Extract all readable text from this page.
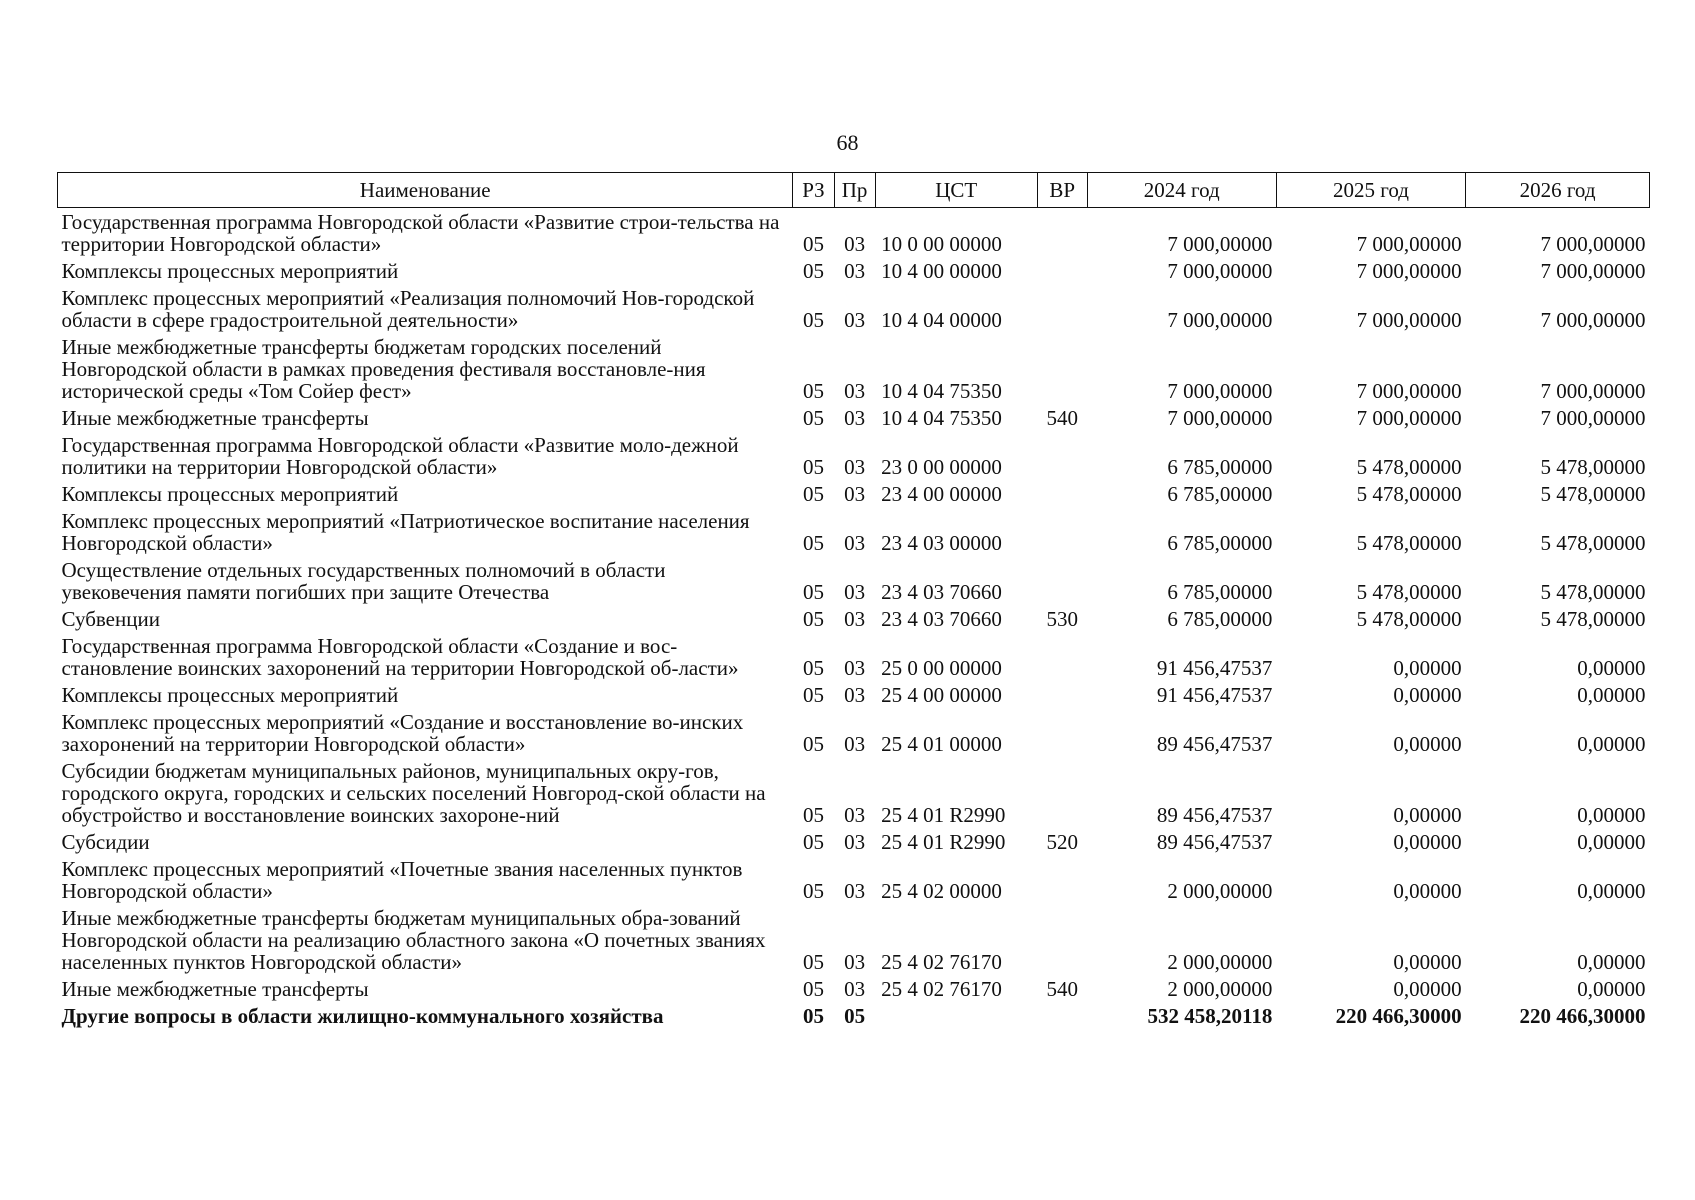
68
Наименование	РЗ	Пр	ЦСТ	ВР	2024 год	2025 год	2026 год
Государственная программа Новгородской области «Развитие строи-тельства на территории Новгородской области»	05	03	10 0 00 00000		7 000,00000	7 000,00000	7 000,00000
Комплексы процессных мероприятий	05	03	10 4 00 00000		7 000,00000	7 000,00000	7 000,00000
Комплекс процессных мероприятий «Реализация полномочий Нов-городской области в сфере градостроительной деятельности»	05	03	10 4 04 00000		7 000,00000	7 000,00000	7 000,00000
Иные межбюджетные трансферты бюджетам городских поселений Новгородской области в рамках проведения фестиваля восстановле-ния исторической среды «Том Сойер фест»	05	03	10 4 04 75350		7 000,00000	7 000,00000	7 000,00000
Иные межбюджетные трансферты	05	03	10 4 04 75350	540	7 000,00000	7 000,00000	7 000,00000
Государственная программа Новгородской области «Развитие моло-дежной политики на территории Новгородской области»	05	03	23 0 00 00000		6 785,00000	5 478,00000	5 478,00000
Комплексы процессных мероприятий	05	03	23 4 00 00000		6 785,00000	5 478,00000	5 478,00000
Комплекс процессных мероприятий «Патриотическое воспитание населения Новгородской области»	05	03	23 4 03 00000		6 785,00000	5 478,00000	5 478,00000
Осуществление отдельных государственных полномочий в области увековечения памяти погибших при защите Отечества	05	03	23 4 03 70660		6 785,00000	5 478,00000	5 478,00000
Субвенции	05	03	23 4 03 70660	530	6 785,00000	5 478,00000	5 478,00000
Государственная программа Новгородской области «Создание и вос-становление воинских захоронений на территории Новгородской об-ласти»	05	03	25 0 00 00000		91 456,47537	0,00000	0,00000
Комплексы процессных мероприятий	05	03	25 4 00 00000		91 456,47537	0,00000	0,00000
Комплекс процессных мероприятий «Создание и восстановление во-инских захоронений на территории Новгородской области»	05	03	25 4 01 00000		89 456,47537	0,00000	0,00000
Субсидии бюджетам муниципальных районов, муниципальных окру-гов, городского округа, городских и сельских поселений Новгород-ской области на обустройство и восстановление воинских захороне-ний	05	03	25 4 01 R2990		89 456,47537	0,00000	0,00000
Субсидии	05	03	25 4 01 R2990	520	89 456,47537	0,00000	0,00000
Комплекс процессных мероприятий «Почетные звания населенных пунктов Новгородской области»	05	03	25 4 02 00000		2 000,00000	0,00000	0,00000
Иные межбюджетные трансферты бюджетам муниципальных обра-зований Новгородской области на реализацию областного закона «О почетных званиях населенных пунктов Новгородской области»	05	03	25 4 02 76170		2 000,00000	0,00000	0,00000
Иные межбюджетные трансферты	05	03	25 4 02 76170	540	2 000,00000	0,00000	0,00000
Другие вопросы в области жилищно-коммунального хозяйства	05	05			532 458,20118	220 466,30000	220 466,30000
